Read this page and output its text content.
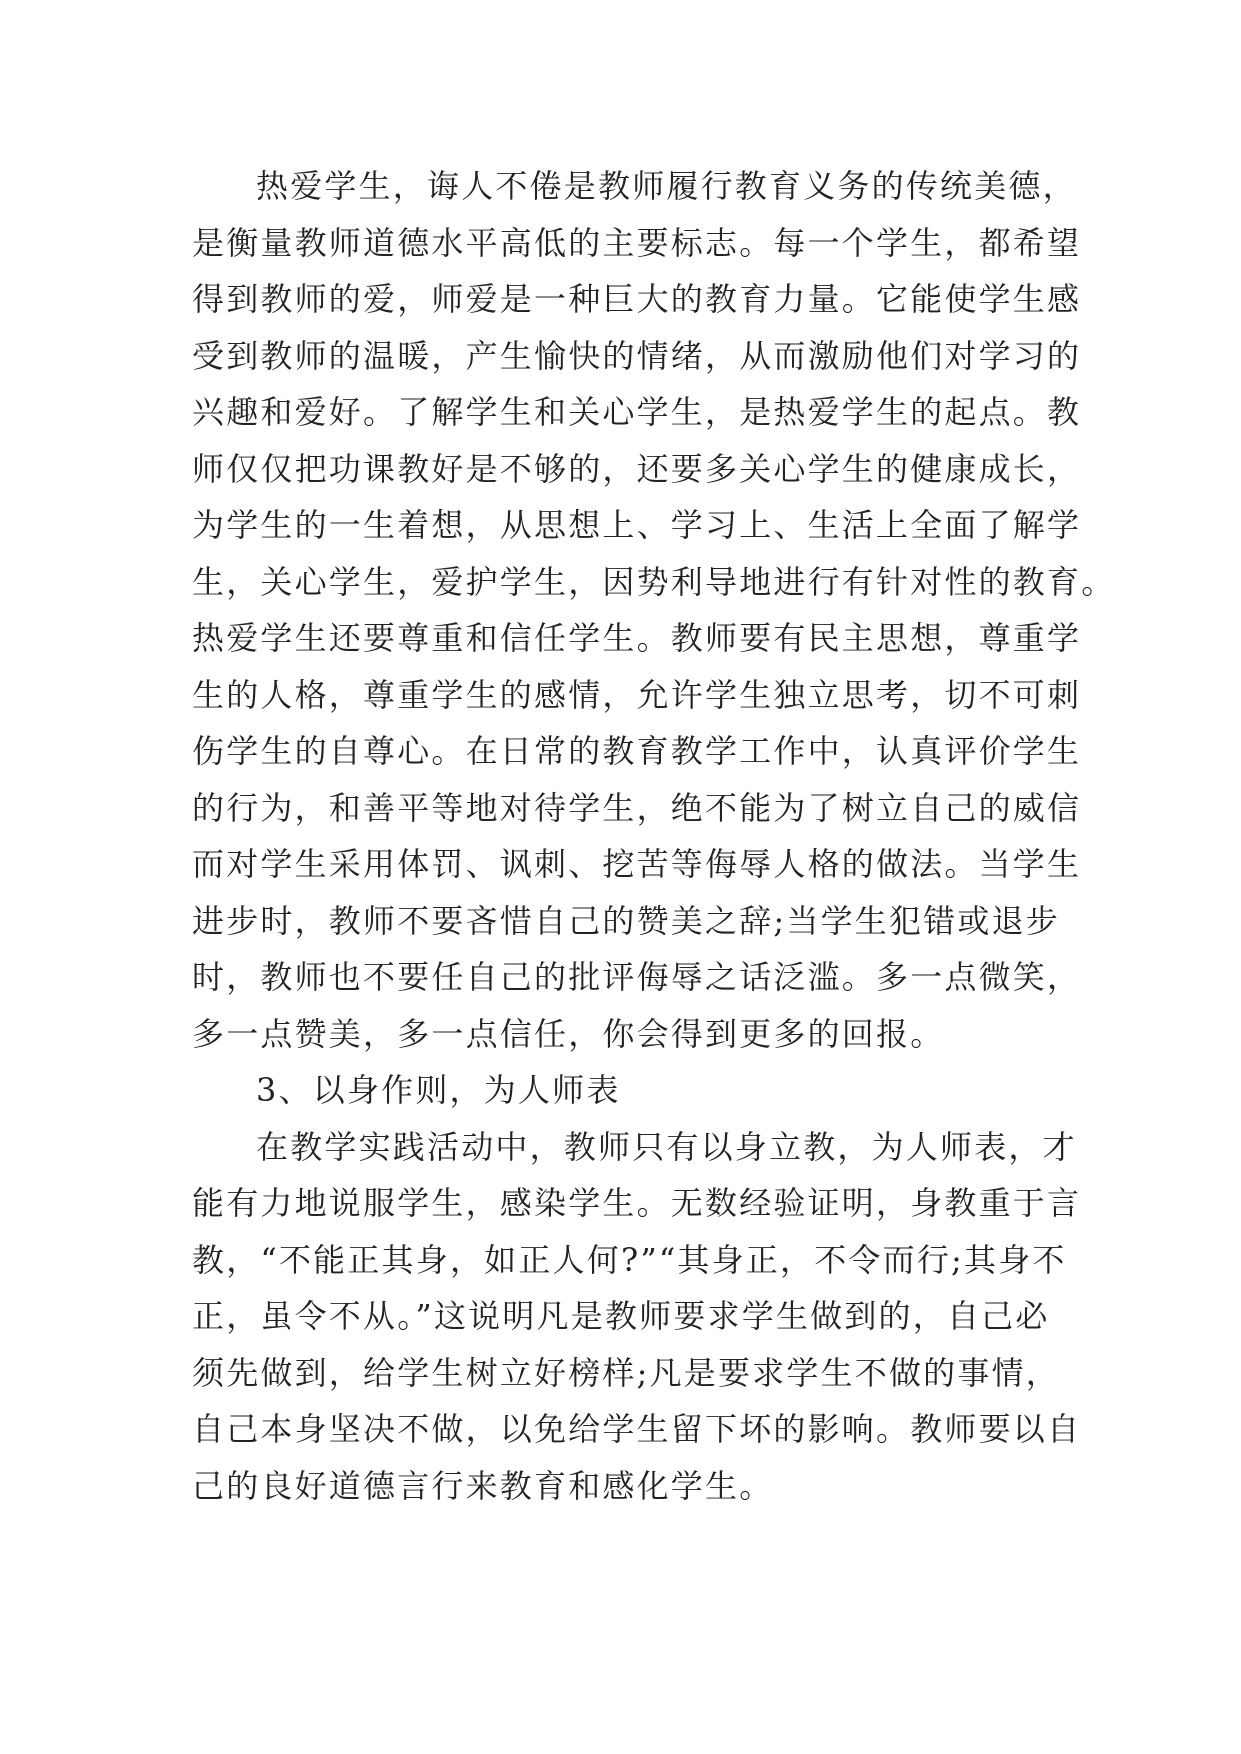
热爱学生，诲人不倦是教师履行教育义务的传统美德，
是衡量教师道德水平高低的主要标志。每一个学生，都希望
得到教师的爱，师爱是一种巨大的教育力量。它能使学生感
受到教师的温暖，产生愉快的情绪，从而激励他们对学习的
兴趣和爱好。了解学生和关心学生，是热爱学生的起点。教
师仅仅把功课教好是不够的，还要多关心学生的健康成长，
为学生的一生着想，从思想上、学习上、生活上全面了解学
生，关心学生，爱护学生，因势利导地进行有针对性的教育。
热爱学生还要尊重和信任学生。教师要有民主思想，尊重学
生的人格，尊重学生的感情，允许学生独立思考，切不可刺
伤学生的自尊心。在日常的教育教学工作中，认真评价学生
的行为，和善平等地对待学生，绝不能为了树立自己的威信
而对学生采用体罚、讽刺、挖苦等侮辱人格的做法。当学生
进步时，教师不要吝惜自己的赞美之辞;当学生犯错或退步
时，教师也不要任自己的批评侮辱之话泛滥。多一点微笑，
多一点赞美，多一点信任，你会得到更多的回报。
3、以身作则，为人师表
在教学实践活动中，教师只有以身立教，为人师表，才
能有力地说服学生，感染学生。无数经验证明，身教重于言
教，“不能正其身，如正人何?”“其身正，不令而行;其身不
正，虽令不从。”这说明凡是教师要求学生做到的，自己必
须先做到，给学生树立好榜样;凡是要求学生不做的事情，
自己本身坚决不做，以免给学生留下坏的影响。教师要以自
己的良好道德言行来教育和感化学生。
